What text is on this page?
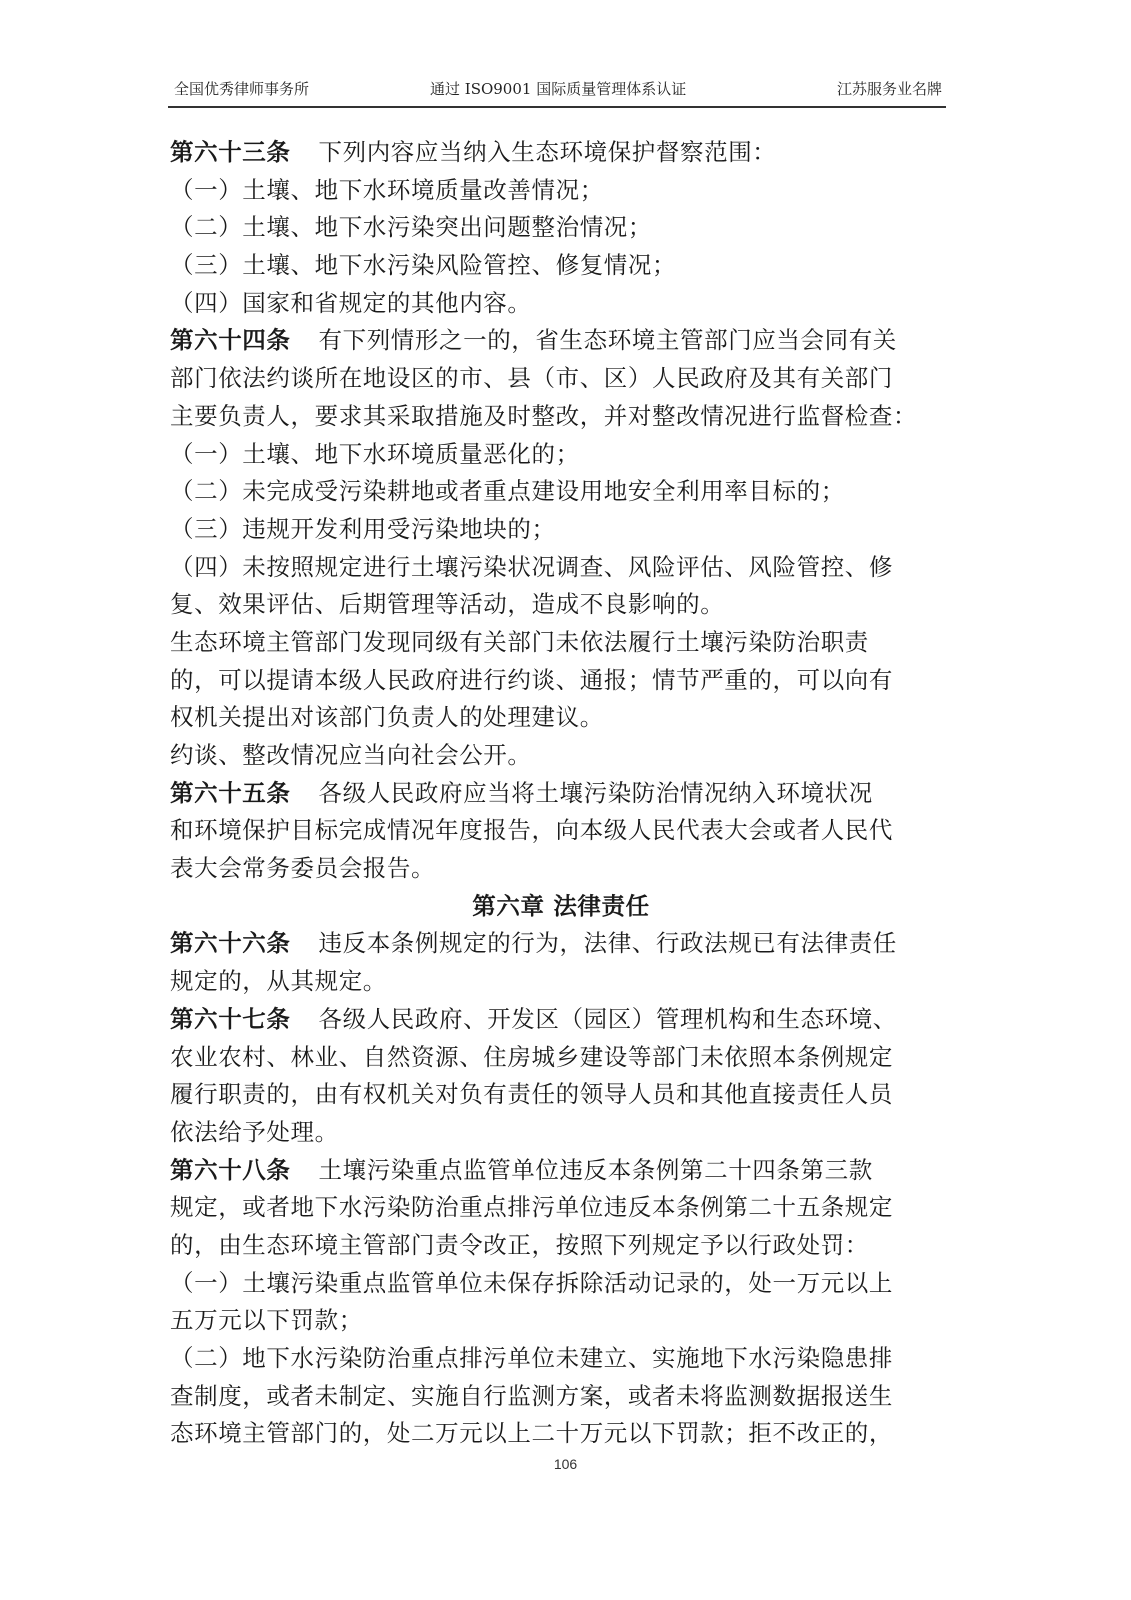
全国优秀律师事务所	通过 ISO9001 国际质量管理体系认证	江苏服务业名牌
第六十三条 下列内容应当纳入生态环境保护督察范围：
（一）土壤、地下水环境质量改善情况；
（二）土壤、地下水污染突出问题整治情况；
（三）土壤、地下水污染风险管控、修复情况；
（四）国家和省规定的其他内容。
第六十四条 有下列情形之一的，省生态环境主管部门应当会同有关
部门依法约谈所在地设区的市、县（市、区）人民政府及其有关部门
主要负责人，要求其采取措施及时整改，并对整改情况进行监督检查：
（一）土壤、地下水环境质量恶化的；
（二）未完成受污染耕地或者重点建设用地安全利用率目标的；
（三）违规开发利用受污染地块的；
（四）未按照规定进行土壤污染状况调查、风险评估、风险管控、修
复、效果评估、后期管理等活动，造成不良影响的。
生态环境主管部门发现同级有关部门未依法履行土壤污染防治职责
的，可以提请本级人民政府进行约谈、通报；情节严重的，可以向有
权机关提出对该部门负责人的处理建议。
约谈、整改情况应当向社会公开。
第六十五条 各级人民政府应当将土壤污染防治情况纳入环境状况
和环境保护目标完成情况年度报告，向本级人民代表大会或者人民代
表大会常务委员会报告。
第六章 法律责任
第六十六条 违反本条例规定的行为，法律、行政法规已有法律责任
规定的，从其规定。
第六十七条 各级人民政府、开发区（园区）管理机构和生态环境、
农业农村、林业、自然资源、住房城乡建设等部门未依照本条例规定
履行职责的，由有权机关对负有责任的领导人员和其他直接责任人员
依法给予处理。
第六十八条 土壤污染重点监管单位违反本条例第二十四条第三款
规定，或者地下水污染防治重点排污单位违反本条例第二十五条规定
的，由生态环境主管部门责令改正，按照下列规定予以行政处罚：
（一）土壤污染重点监管单位未保存拆除活动记录的，处一万元以上
五万元以下罚款；
（二）地下水污染防治重点排污单位未建立、实施地下水污染隐患排
查制度，或者未制定、实施自行监测方案，或者未将监测数据报送生
态环境主管部门的，处二万元以上二十万元以下罚款；拒不改正的，
106
